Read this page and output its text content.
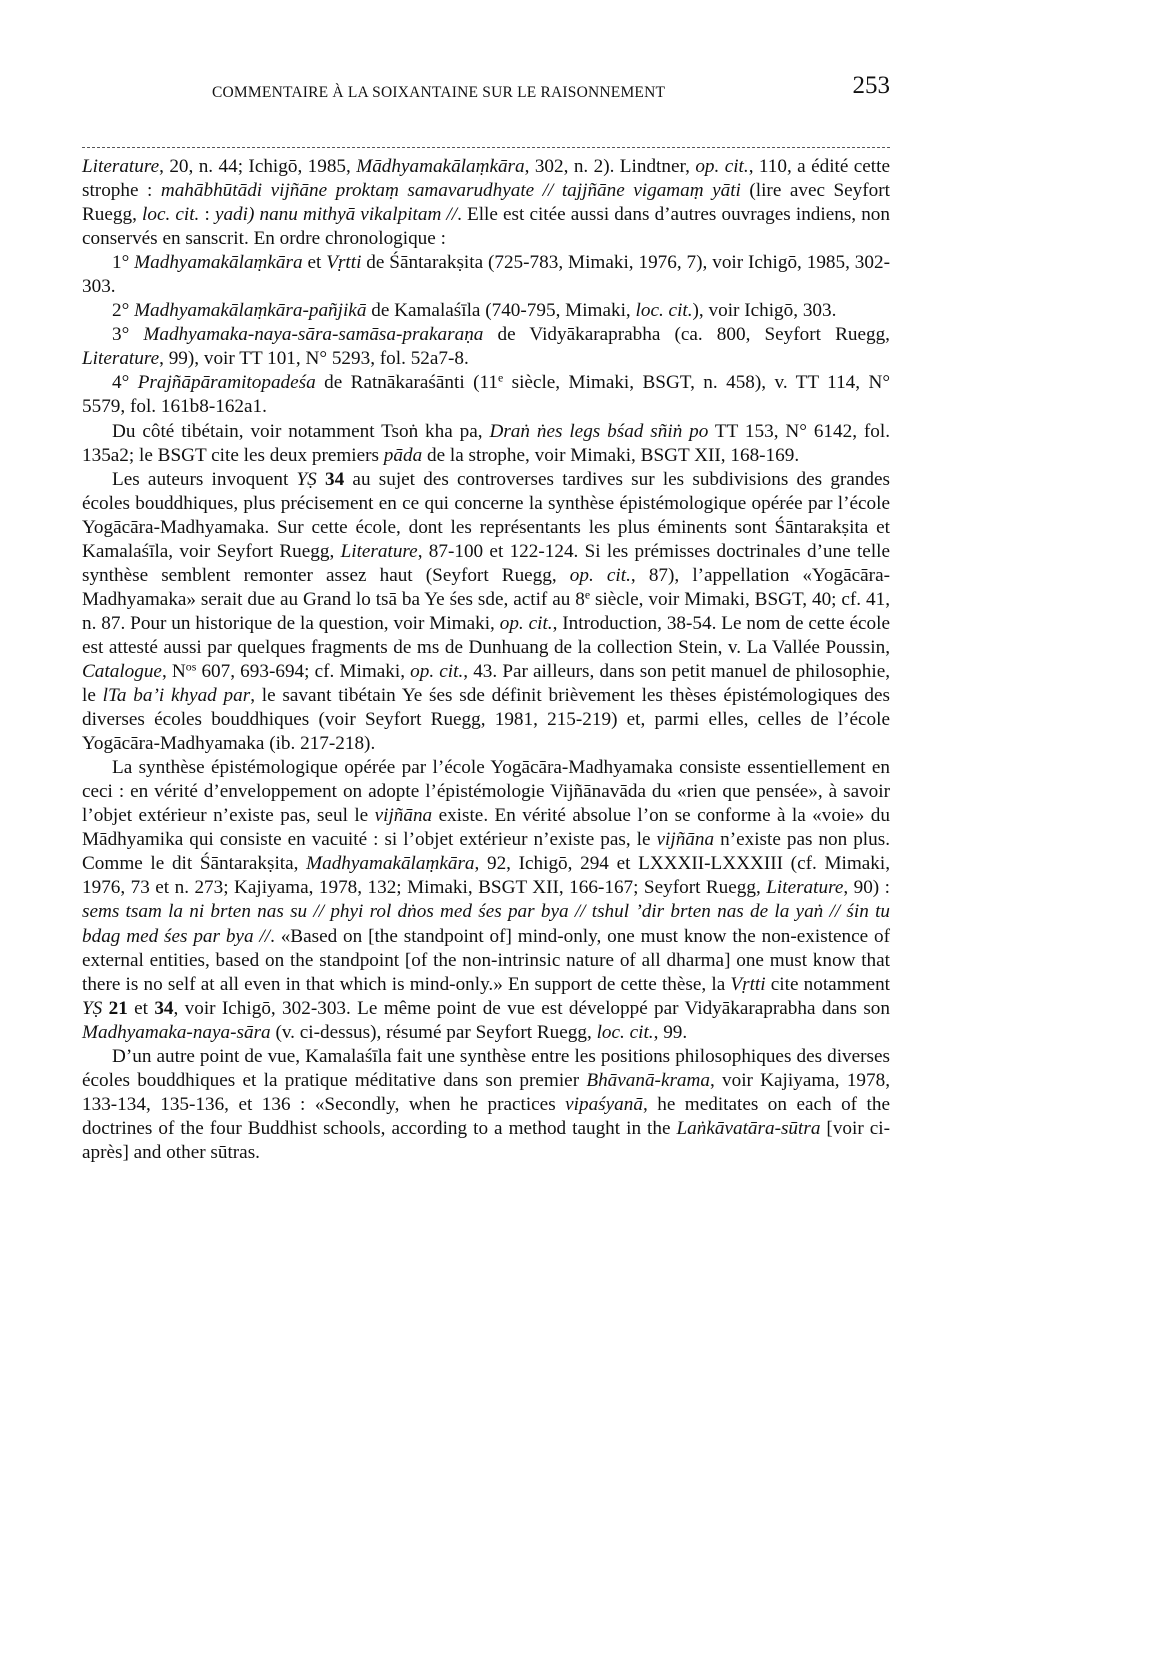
COMMENTAIRE À LA SOIXANTAINE SUR LE RAISONNEMENT	253

Literature, 20, n. 44; Ichigō, 1985, Mādhyamakālaṃkāra, 302, n. 2). Lindtner, op. cit., 110, a édité cette strophe : mahābhūtādi vijñāne proktaṃ samavarudhyate // tajjñāne vigamaṃ yāti (lire avec Seyfort Ruegg, loc. cit. : yadi) nanu mithyā vikalpitam //. Elle est citée aussi dans d’autres ouvrages indiens, non conservés en sanscrit. En ordre chronologique :

1° Madhyamakālaṃkāra et Vṛtti de Śāntarakṣita (725-783, Mimaki, 1976, 7), voir Ichigō, 1985, 302-303.

2° Madhyamakālaṃkāra-pañjikā de Kamalaśīla (740-795, Mimaki, loc. cit.), voir Ichigō, 303.

3° Madhyamaka-naya-sāra-samāsa-prakaraṇa de Vidyākaraprabha (ca. 800, Seyfort Ruegg, Literature, 99), voir TT 101, N° 5293, fol. 52a7-8.

4° Prajñāpāramitopadeśa de Ratnākaraśānti (11e siècle, Mimaki, BSGT, n. 458), v. TT 114, N° 5579, fol. 161b8-162a1.

Du côté tibétain, voir notamment Tsoṅ kha pa, Draṅ ṅes legs bśad sñiṅ po TT 153, N° 6142, fol. 135a2; le BSGT cite les deux premiers pāda de la strophe, voir Mimaki, BSGT XII, 168-169.

Les auteurs invoquent YṢ 34 au sujet des controverses tardives sur les subdivisions des grandes écoles bouddhiques, plus précisement en ce qui concerne la synthèse épistémologique opérée par l’école Yogācāra-Madhyamaka. Sur cette école, dont les représentants les plus éminents sont Śāntarakṣita et Kamalaśīla, voir Seyfort Ruegg, Literature, 87-100 et 122-124. Si les prémisses doctrinales d’une telle synthèse semblent remonter assez haut (Seyfort Ruegg, op. cit., 87), l’appellation «Yogācāra-Madhyamaka» serait due au Grand lo tsā ba Ye śes sde, actif au 8e siècle, voir Mimaki, BSGT, 40; cf. 41, n. 87. Pour un historique de la question, voir Mimaki, op. cit., Introduction, 38-54. Le nom de cette école est attesté aussi par quelques fragments de ms de Dunhuang de la collection Stein, v. La Vallée Poussin, Catalogue, $N^{os}$ 607, 693-694; cf. Mimaki, op. cit., 43. Par ailleurs, dans son petit manuel de philosophie, le lTa ba’i khyad par, le savant tibétain Ye śes sde définit brièvement les thèses épistémologiques des diverses écoles bouddhiques (voir Seyfort Ruegg, 1981, 215-219) et, parmi elles, celles de l’école Yogācāra-Madhyamaka (ib. 217-218).

La synthèse épistémologique opérée par l’école Yogācāra-Madhyamaka consiste essentiellement en ceci : en vérité d’enveloppement on adopte l’épistémologie Vijñānavāda du «rien que pensée», à savoir l’objet extérieur n’existe pas, seul le vijñāna existe. En vérité absolue l’on se conforme à la «voie» du Mādhyamika qui consiste en vacuité : si l’objet extérieur n’existe pas, le vijñāna n’existe pas non plus. Comme le dit Śāntarakṣita, Madhyamakālaṃkāra, 92, Ichigō, 294 et LXXXII-LXXXIII (cf. Mimaki, 1976, 73 et n. 273; Kajiyama, 1978, 132; Mimaki, BSGT XII, 166-167; Seyfort Ruegg, Literature, 90) : sems tsam la ni brten nas su // phyi rol dṅos med śes par bya // tshul ’dir brten nas de la yaṅ // śin tu bdag med śes par bya //. «Based on [the standpoint of] mind-only, one must know the non-existence of external entities, based on the standpoint [of the non-intrinsic nature of all dharma] one must know that there is no self at all even in that which is mind-only.» En support de cette thèse, la Vṛtti cite notamment YṢ 21 et 34, voir Ichigō, 302-303. Le même point de vue est développé par Vidyākaraprabha dans son Madhyamaka-naya-sāra (v. ci-dessus), résumé par Seyfort Ruegg, loc. cit., 99.

D’un autre point de vue, Kamalaśīla fait une synthèse entre les positions philosophiques des diverses écoles bouddhiques et la pratique méditative dans son premier Bhāvanā-krama, voir Kajiyama, 1978, 133-134, 135-136, et 136 : «Secondly, when he practices vipaśyanā, he meditates on each of the doctrines of the four Buddhist schools, according to a method taught in the Laṅkāvatāra-sūtra [voir ci-après] and other sūtras.
